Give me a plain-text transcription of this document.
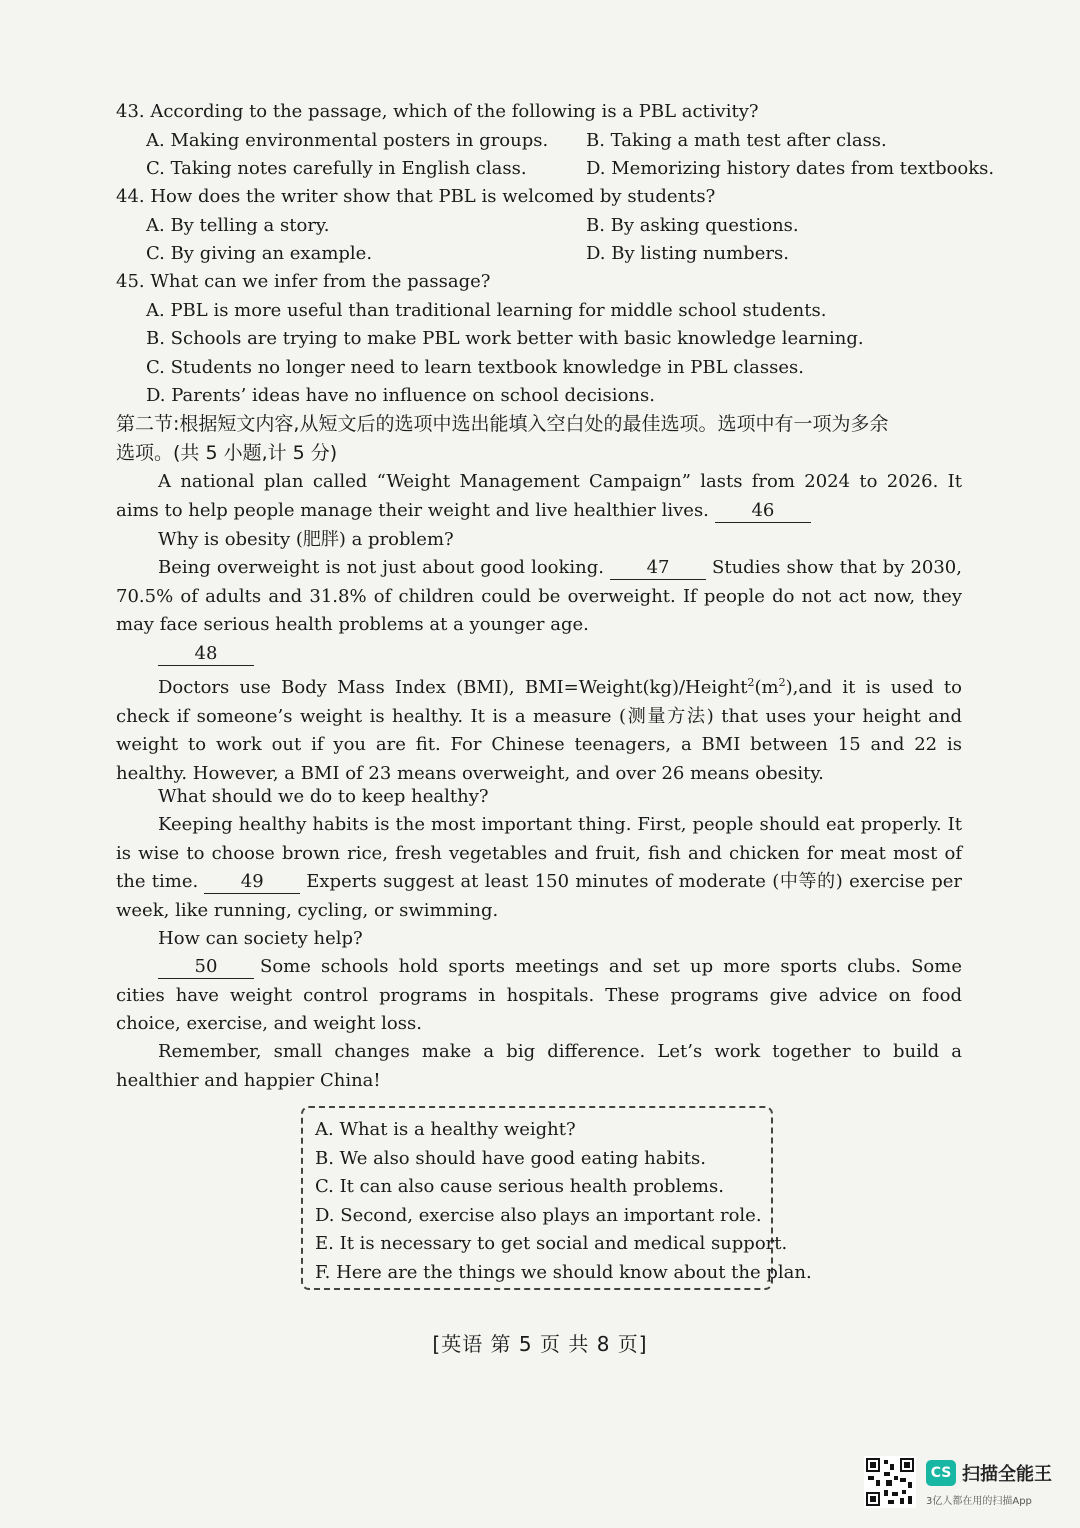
43. According to the passage, which of the following is a PBL activity?
A. Making environmental posters in groups. B. Taking a math test after class.
C. Taking notes carefully in English class.	D. Memorizing history dates from textbooks.
44. How does the writer show that PBL is welcomed by students?
A. By telling a story.	B. By asking questions.
C. By giving an example.	D. By listing numbers.
45. What can we infer from the passage?
A. PBL is more useful than traditional learning for middle school students.
B. Schools are trying to make PBL work better with basic knowledge learning.
C. Students no longer need to learn textbook knowledge in PBL classes.
D. Parents’ ideas have no influence on school decisions.
第二节:根据短文内容,从短文后的选项中选出能填入空白处的最佳选项。选项中有一项为多余
选项。(共 5 小题,计 5 分)
A national plan called “Weight Management Campaign” lasts from 2024 to 2026. It aims to help people manage their weight and live healthier lives. 46
Why is obesity (肥胖) a problem?
Being overweight is not just about good looking. 47 Studies show that by 2030, 70.5% of adults and 31.8% of children could be overweight. If people do not act now, they may face serious health problems at a younger age.
48
Doctors use Body Mass Index (BMI), $BMI=Weight(kg)/Height^2(m^2),and$ it is used to check if someone’s weight is healthy. It is a measure (测量方法) that uses your height and weight to work out if you are fit. For Chinese teenagers, a BMI between 15 and 22 is healthy. However, a BMI of 23 means overweight, and over 26 means obesity.
What should we do to keep healthy?
Keeping healthy habits is the most important thing. First, people should eat properly. It is wise to choose brown rice, fresh vegetables and fruit, fish and chicken for meat most of the time. 49 Experts suggest at least 150 minutes of moderate (中等的) exercise per week, like running, cycling, or swimming.
How can society help?
50 Some schools hold sports meetings and set up more sports clubs. Some cities have weight control programs in hospitals. These programs give advice on food choice, exercise, and weight loss.
Remember, small changes make a big difference. Let’s work together to build a healthier and happier China!
A. What is a healthy weight?
B. We also should have good eating habits.
C. It can also cause serious health problems.
D. Second, exercise also plays an important role.
E. It is necessary to get social and medical support.
F. Here are the things we should know about the plan.
[英语 第 5 页 共 8 页]
CS 扫描全能王
3亿人都在用的扫描App
